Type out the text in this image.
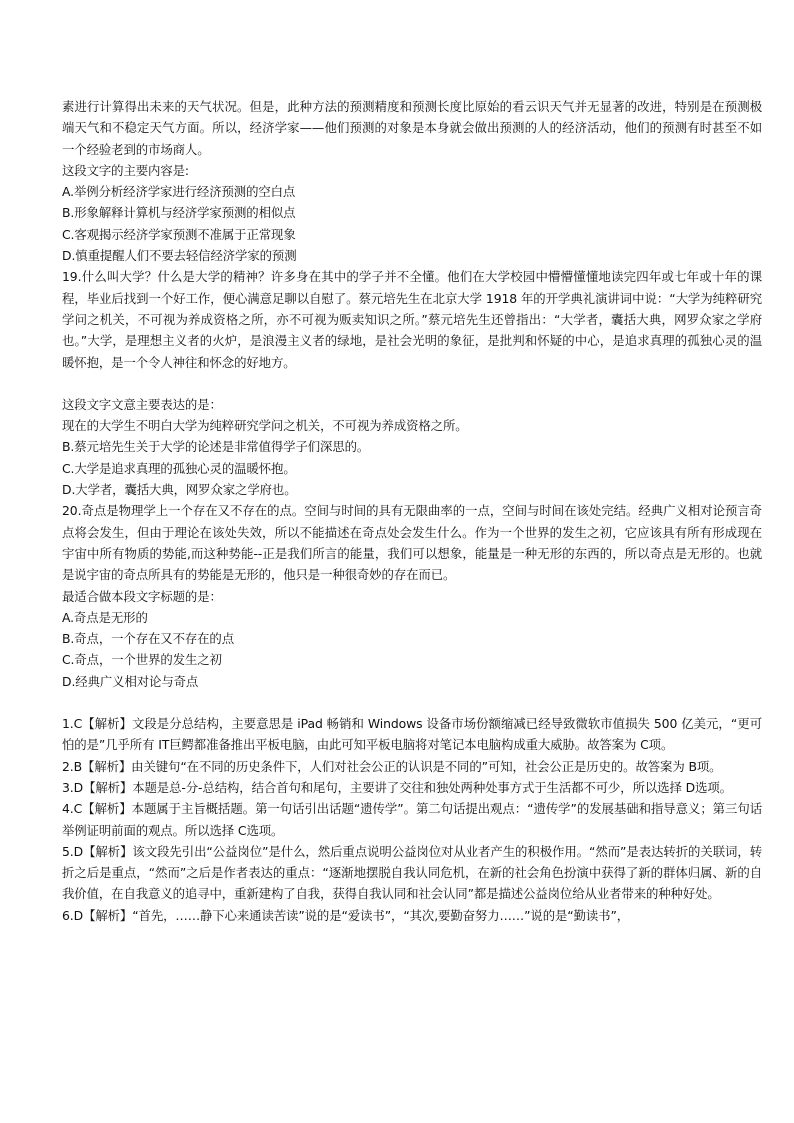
素进行计算得出未来的天气状况。但是，此种方法的预测精度和预测长度比原始的看云识天气并无显著的改进，特别是在预测极端天气和不稳定天气方面。所以，经济学家——他们预测的对象是本身就会做出预测的人的经济活动，他们的预测有时甚至不如一个经验老到的市场商人。

这段文字的主要内容是:

A.举例分析经济学家进行经济预测的空白点

B.形象解释计算机与经济学家预测的相似点

C.客观揭示经济学家预测不准属于正常现象

D.慎重提醒人们不要去轻信经济学家的预测

19.什么叫大学？什么是大学的精神？许多身在其中的学子并不全懂。他们在大学校园中懵懵懂懂地读完四年或七年或十年的课程，毕业后找到一个好工作，便心满意足聊以自慰了。蔡元培先生在北京大学 1918 年的开学典礼演讲词中说：“大学为纯粹研究学问之机关，不可视为养成资格之所，亦不可视为贩卖知识之所。”蔡元培先生还曾指出：“大学者，囊括大典，网罗众家之学府也。”大学，是理想主义者的火炉，是浪漫主义者的绿地，是社会光明的象征，是批判和怀疑的中心，是追求真理的孤独心灵的温暖怀抱，是一个令人神往和怀念的好地方。

这段文字文意主要表达的是：

现在的大学生不明白大学为纯粹研究学问之机关，不可视为养成资格之所。

B.蔡元培先生关于大学的论述是非常值得学子们深思的。

C.大学是追求真理的孤独心灵的温暖怀抱。

D.大学者，囊括大典，网罗众家之学府也。

20.奇点是物理学上一个存在又不存在的点。空间与时间的具有无限曲率的一点，空间与时间在该处完结。经典广义相对论预言奇点将会发生，但由于理论在该处失效，所以不能描述在奇点处会发生什么。作为一个世界的发生之初，它应该具有所有形成现在宇宙中所有物质的势能,而这种势能--正是我们所言的能量，我们可以想象，能量是一种无形的东西的，所以奇点是无形的。也就是说宇宙的奇点所具有的势能是无形的，他只是一种很奇妙的存在而已。

最适合做本段文字标题的是：

A.奇点是无形的

B.奇点，一个存在又不存在的点

C.奇点，一个世界的发生之初

D.经典广义相对论与奇点

1.C【解析】文段是分总结构，主要意思是 iPad 畅销和 Windows 设备市场份额缩减已经导致微软市值损失 500 亿美元，“更可怕的是”几乎所有 IT巨鳄都准备推出平板电脑，由此可知平板电脑将对笔记本电脑构成重大威胁。故答案为 C项。

2.B【解析】由关键句“在不同的历史条件下，人们对社会公正的认识是不同的”可知，社会公正是历史的。故答案为 B项。

3.D【解析】本题是总-分-总结构，结合首句和尾句，主要讲了交往和独处两种处事方式于生活都不可少，所以选择 D选项。

4.C【解析】本题属于主旨概括题。第一句话引出话题“遗传学”。第二句话提出观点：“遗传学”的发展基础和指导意义；第三句话举例证明前面的观点。所以选择 C选项。

5.D【解析】该文段先引出“公益岗位”是什么，然后重点说明公益岗位对从业者产生的积极作用。“然而”是表达转折的关联词，转折之后是重点，“然而”之后是作者表达的重点：“逐渐地摆脱自我认同危机，在新的社会角色扮演中获得了新的群体归属、新的自我价值，在自我意义的追寻中，重新建构了自我，获得自我认同和社会认同”都是描述公益岗位给从业者带来的种种好处。

6.D【解析】“首先，……静下心来通读苦读”说的是“爱读书”，“其次,要勤奋努力……”说的是“勤读书”，
